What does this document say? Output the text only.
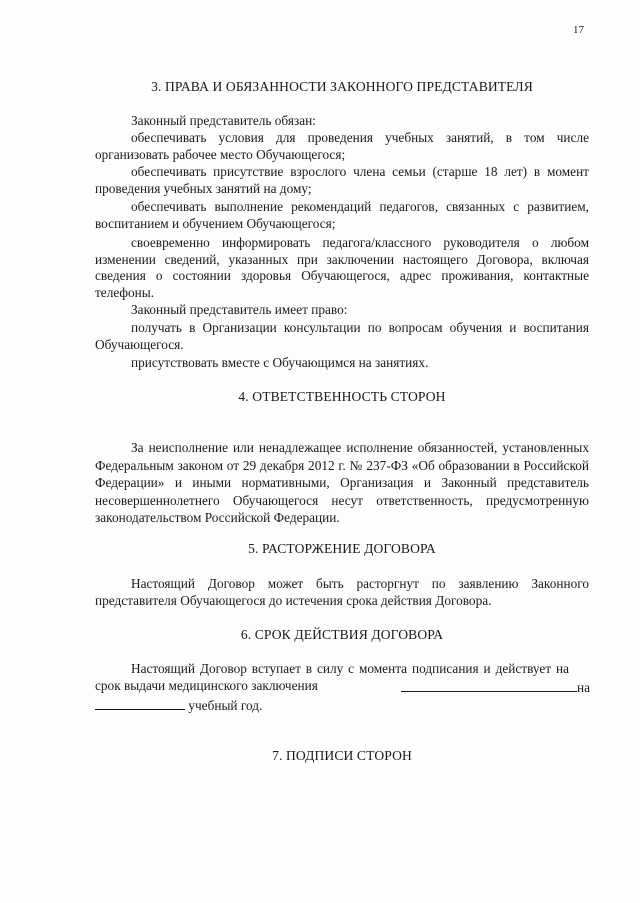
17
3. ПРАВА И ОБЯЗАННОСТИ ЗАКОННОГО ПРЕДСТАВИТЕЛЯ
Законный представитель обязан:
обеспечивать условия для проведения учебных занятий, в том числе организовать рабочее место Обучающегося;
обеспечивать присутствие взрослого члена семьи (старше 18 лет) в момент проведения учебных занятий на дому;
обеспечивать выполнение рекомендаций педагогов, связанных с развитием, воспитанием и обучением Обучающегося;
своевременно информировать педагога/классного руководителя о любом изменении сведений, указанных при заключении настоящего Договора, включая сведения о состоянии здоровья Обучающегося, адрес проживания, контактные телефоны.
Законный представитель имеет право:
получать в Организации консультации по вопросам обучения и воспитания Обучающегося.
присутствовать вместе с Обучающимся на занятиях.
4. ОТВЕТСТВЕННОСТЬ СТОРОН
За неисполнение или ненадлежащее исполнение обязанностей, установленных Федеральным законом от 29 декабря 2012 г. № 237-ФЗ «Об образовании в Российской Федерации» и иными нормативными, Организация и Законный представитель несовершеннолетнего Обучающегося несут ответственность, предусмотренную законодательством Российской Федерации.
5. РАСТОРЖЕНИЕ ДОГОВОРА
Настоящий Договор может быть расторгнут по заявлению Законного представителя Обучающегося до истечения срока действия Договора.
6. СРОК ДЕЙСТВИЯ ДОГОВОРА
Настоящий Договор вступает в силу с момента подписания и действует на срок выдачи медицинского заключения	на
учебный год.
7. ПОДПИСИ СТОРОН
